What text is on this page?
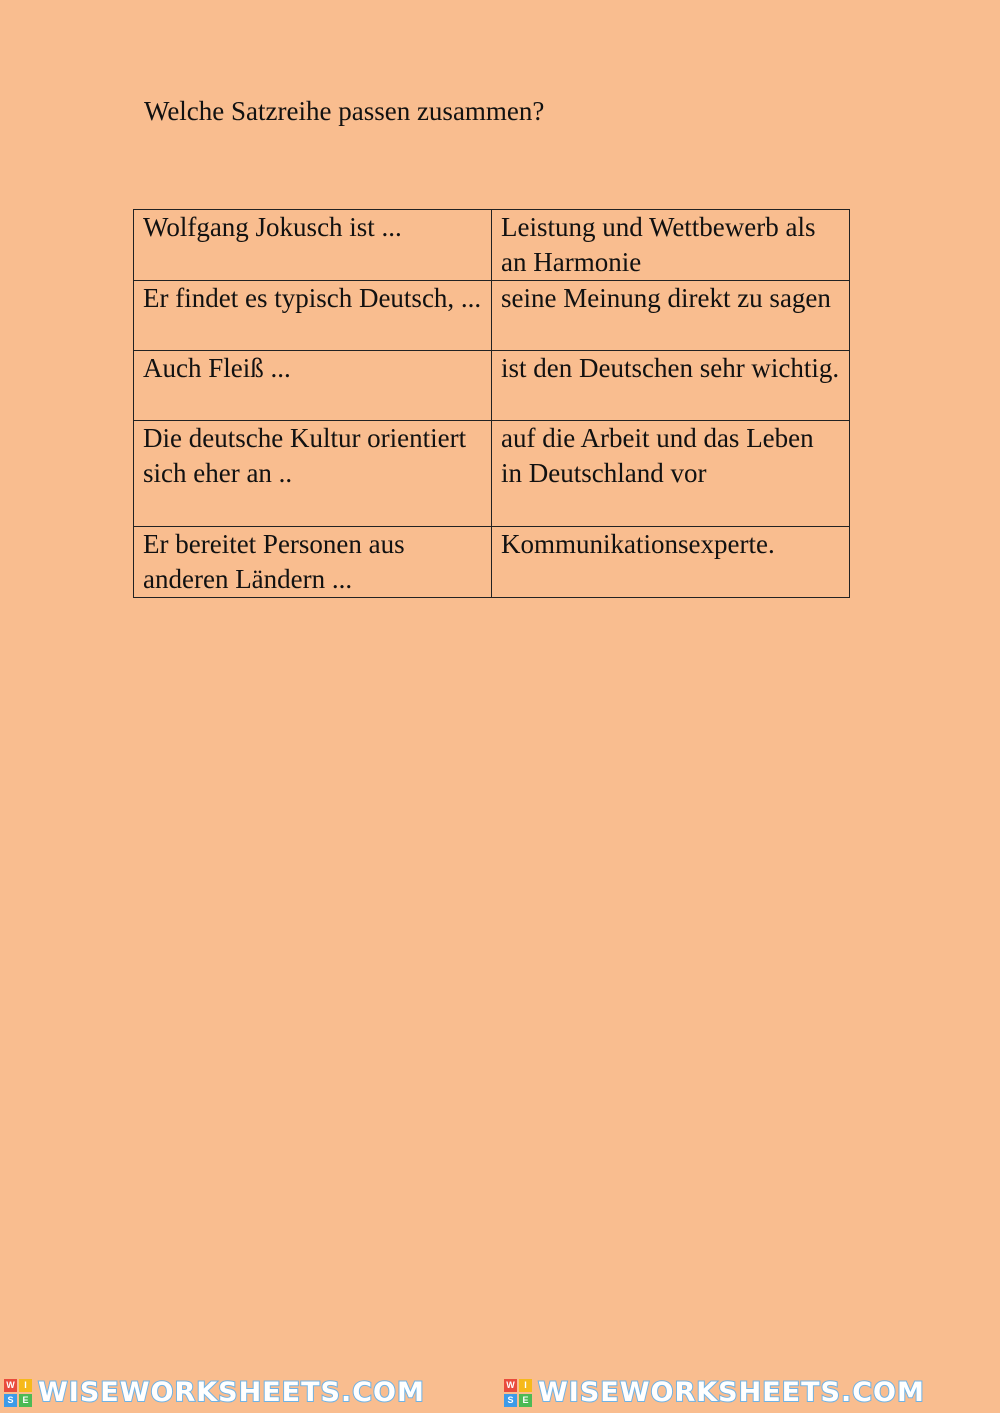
Welche Satzreihe passen zusammen?
Wolfgang Jokusch ist ...	Leistung und Wettbewerb als an Harmonie
Er findet es typisch Deutsch, ...	seine Meinung direkt zu sagen
Auch Fleiß ...	ist den Deutschen sehr wichtig.
Die deutsche Kultur orientiert sich eher an ..	auf die Arbeit und das Leben in Deutschland vor
Er bereitet Personen aus anderen Ländern ...	Kommunikationsexperte.
W	I
S E WISEWORKSHEETS.COM	W	I
S E WISEWORKSHEETS.COM
